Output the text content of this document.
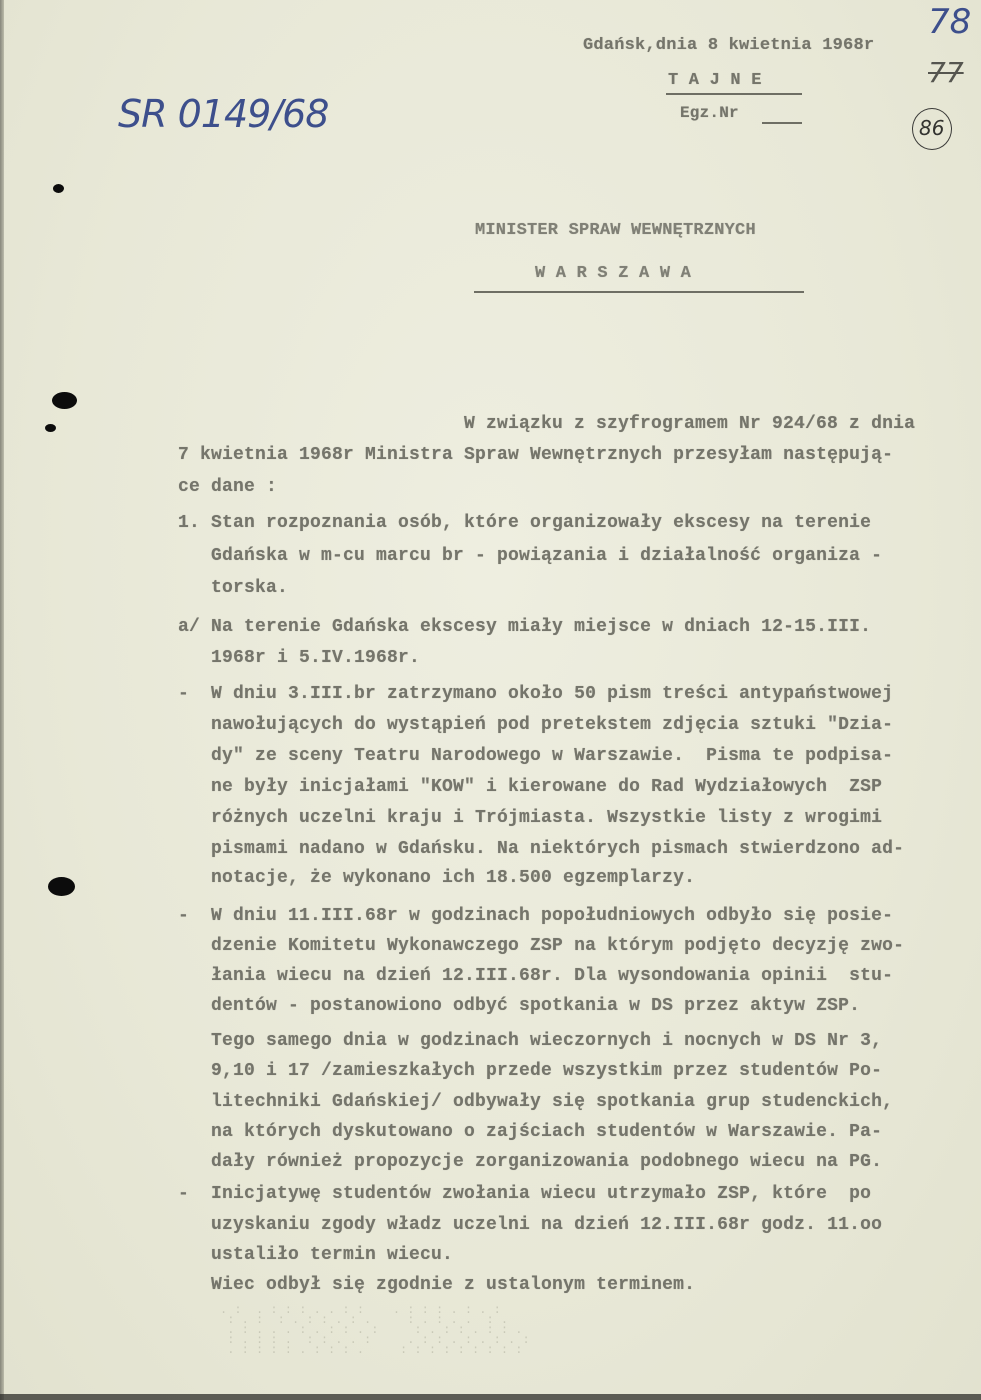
SR 0149/68
78
77
86
Gdańsk,dnia 8 kwietnia 1968r
T A J N E
Egz.Nr
MINISTER SPRAW WEWNĘTRZNYCH
W A R S Z A W A
W związku z szyfrogramem Nr 924/68 z dnia
7 kwietnia 1968r Ministra Spraw Wewnętrznych przesyłam następują-
ce dane :
1. Stan rozpoznania osób, które organizowały ekscesy na terenie
Gdańska w m-cu marcu br - powiązania i działalność organiza -
torska.
a/ Na terenie Gdańska ekscesy miały miejsce w dniach 12-15.III.
1968r i 5.IV.1968r.
-  W dniu 3.III.br zatrzymano około 50 pism treści antypaństwowej
nawołujących do wystąpień pod pretekstem zdjęcia sztuki "Dzia-
dy" ze sceny Teatru Narodowego w Warszawie.  Pisma te podpisa-
ne były inicjałami "KOW" i kierowane do Rad Wydziałowych  ZSP
różnych uczelni kraju i Trójmiasta. Wszystkie listy z wrogimi
pismami nadano w Gdańsku. Na niektórych pismach stwierdzono ad-
notacje, że wykonano ich 18.500 egzemplarzy.
-  W dniu 11.III.68r w godzinach popołudniowych odbyło się posie-
dzenie Komitetu Wykonawczego ZSP na którym podjęto decyzję zwo-
łania wiecu na dzień 12.III.68r. Dla wysondowania opinii  stu-
dentów - postanowiono odbyć spotkania w DS przez aktyw ZSP.
Tego samego dnia w godzinach wieczornych i nocnych w DS Nr 3,
9,10 i 17 /zamieszkałych przede wszystkim przez studentów Po-
litechniki Gdańskiej/ odbywały się spotkania grup studenckich,
na których dyskutowano o zajściach studentów w Warszawie. Pa-
dały również propozycje zorganizowania podobnego wiecu na PG.
-  Inicjatywę studentów zwołania wiecu utrzymało ZSP, które  po
uzyskaniu zgody władz uczelni na dzień 12.III.68r godz. 11.oo
ustaliło termin wiecu.
Wiec odbył się zgodnie z ustalonym terminem.
. :  . : : : . . : :    . : : : . : . :
: . :  : . : : . : .     : . : . .  : .
. : . . . : . : : . :     : . : : . : : .
: . : : .  : : . . :     . : : . : . : . :
. : : : : . : : : .     : : : : : : : : :
